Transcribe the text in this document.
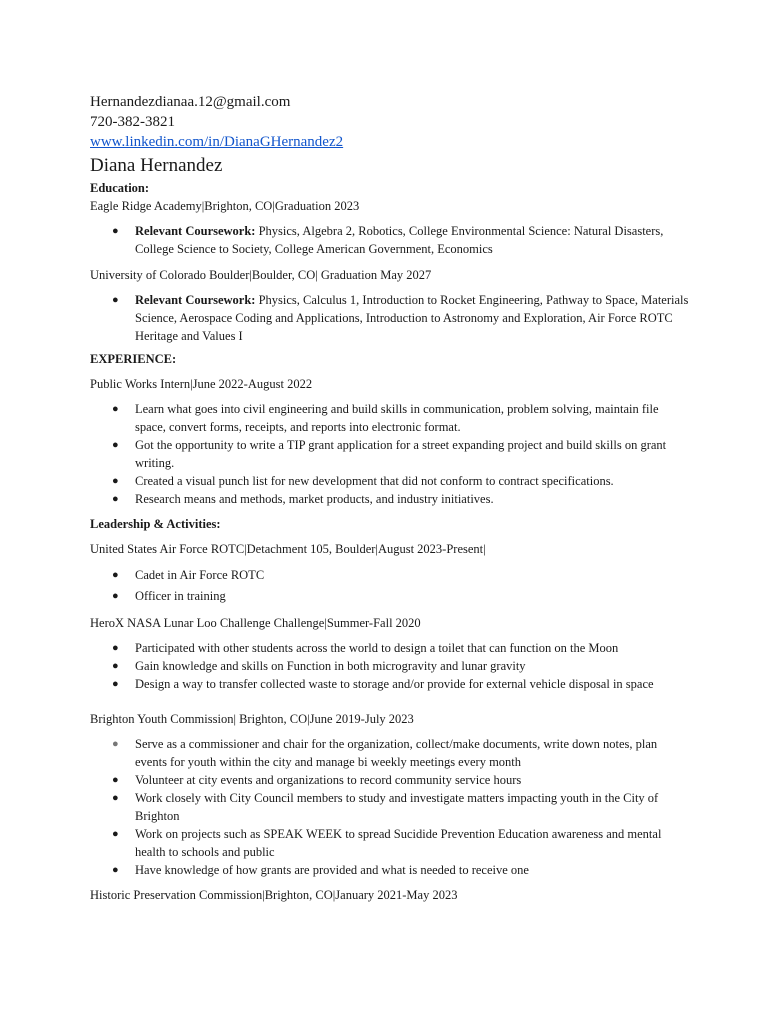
Hernandezdianaa.12@gmail.com
720-382-3821
www.linkedin.com/in/DianaGHernandez2
Diana Hernandez
Education:
Eagle Ridge Academy|Brighton, CO|Graduation 2023
● Relevant Coursework: Physics, Algebra 2, Robotics, College Environmental Science: Natural Disasters, College Science to Society, College American Government, Economics
University of Colorado Boulder|Boulder, CO| Graduation May 2027
● Relevant Coursework: Physics, Calculus 1, Introduction to Rocket Engineering, Pathway to Space, Materials Science, Aerospace Coding and Applications, Introduction to Astronomy and Exploration, Air Force ROTC Heritage and Values I
EXPERIENCE:
Public Works Intern|June 2022-August 2022
● Learn what goes into civil engineering and build skills in communication, problem solving, maintain file space, convert forms, receipts, and reports into electronic format.
● Got the opportunity to write a TIP grant application for a street expanding project and build skills on grant writing.
● Created a visual punch list for new development that did not conform to contract specifications.
● Research means and methods, market products, and industry initiatives.
Leadership & Activities:
United States Air Force ROTC|Detachment 105, Boulder|August 2023-Present|
● Cadet in Air Force ROTC
● Officer in training
HeroX NASA Lunar Loo Challenge Challenge|Summer-Fall 2020
● Participated with other students across the world to design a toilet that can function on the Moon
● Gain knowledge and skills on Function in both microgravity and lunar gravity
● Design a way to transfer collected waste to storage and/or provide for external vehicle disposal in space
Brighton Youth Commission| Brighton, CO|June 2019-July 2023
● Serve as a commissioner and chair for the organization, collect/make documents, write down notes, plan events for youth within the city and manage bi weekly meetings every month
● Volunteer at city events and organizations to record community service hours
● Work closely with City Council members to study and investigate matters impacting youth in the City of Brighton
● Work on projects such as SPEAK WEEK to spread Sucidide Prevention Education awareness and mental health to schools and public
● Have knowledge of how grants are provided and what is needed to receive one
Historic Preservation Commission|Brighton, CO|January 2021-May 2023
